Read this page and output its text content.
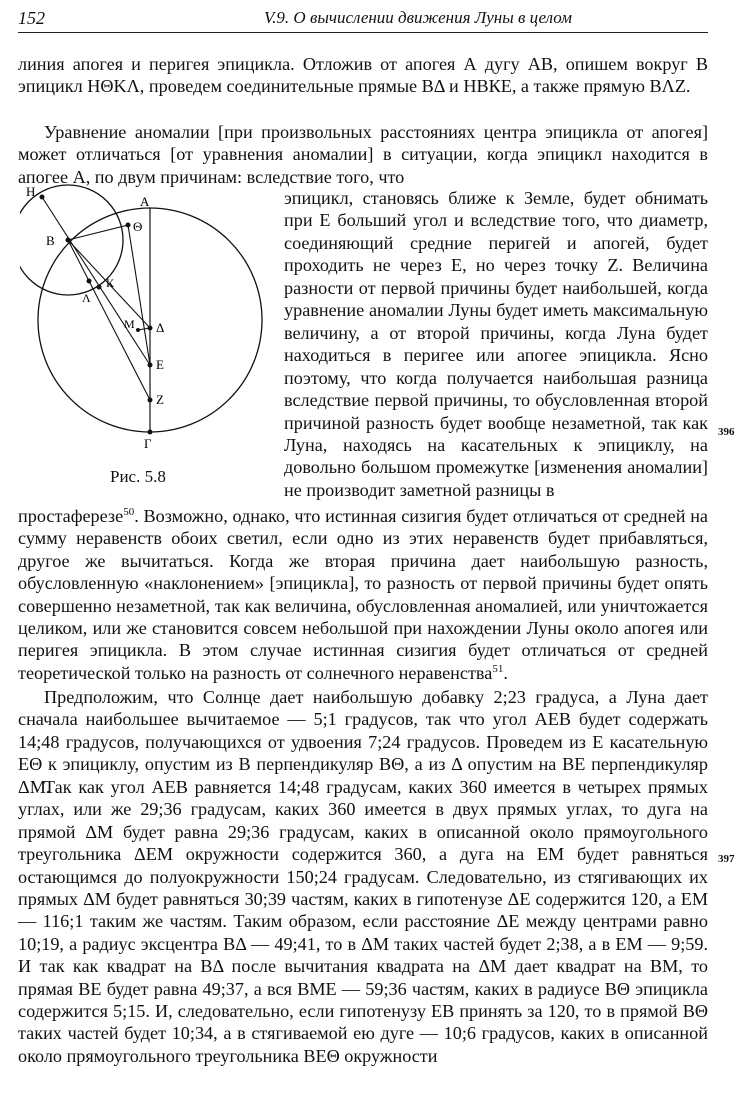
152	V.9. О вычислении движения Луны в целом

линия апогея и перигея эпицикла. Отложив от апогея А дугу АВ, опишем вокруг В эпицикл НΘΚΛ, проведем соединительные прямые ΒΔ и НВКЕ, а также прямую ΒΛΖ.

Уравнение аномалии [при произвольных расстояниях центра эпицикла от апогея] может отличаться [от уравнения аномалии] в ситуации, когда эпицикл находится в апогее А, по двум причинам: вследствие того, что

Н
А
Θ
В
К
Λ
М Δ
Е
Ζ
Γ
Рис. 5.8

эпицикл, становясь ближе к Земле, будет обнимать при Е больший угол и вследствие того, что диаметр, соединяющий средние перигей и апогей, будет проходить не через Е, но через точку Ζ. Величина разности от первой причины будет наибольшей, когда уравнение аномалии Луны будет иметь максимальную величину, а от второй причины, когда Луна будет находиться в перигее или апогее эпицикла. Ясно поэтому, что когда получается наибольшая разница вследствие первой причины, то обусловленная второй причиной разность будет вообще незаметной, так как Луна, находясь на касательных к эпициклу, на довольно большом промежутке [изменения аномалии] не производит заметной разницы в

простаферезе$^{50}$. Возможно, однако, что истинная сизигия будет отличаться от средней на сумму неравенств обоих светил, если одно из этих неравенств будет прибавляться, другое же вычитаться. Когда же вторая причина дает наибольшую разность, обусловленную «наклонением» [эпицикла], то разность от первой причины будет опять совершенно незаметной, так как величина, обусловленная аномалией, или уничтожается целиком, или же становится совсем небольшой при нахождении Луны около апогея или перигея эпицикла. В этом случае истинная сизигия будет отличаться от средней теоретической только на разность от солнечного неравенства$^{51}$.

Предположим, что Солнце дает наибольшую добавку 2;23 градуса, а Луна дает сначала наибольшее вычитаемое — 5;1 градусов, так что угол АЕВ будет содержать 14;48 градусов, получающихся от удвоения 7;24 градусов. Проведем из Е касательную ЕΘ к эпициклу, опустим из В перпендикуляр ΒΘ, а из Δ опустим на ВЕ перпендикуляр ΔΜ.

Так как угол АЕВ равняется 14;48 градусам, каких 360 имеется в четырех прямых углах, или же 29;36 градусам, каких 360 имеется в двух прямых углах, то дуга на прямой ΔΜ будет равна 29;36 градусам, каких в описанной около прямоугольного треугольника ΔΕΜ окружности содержится 360, а дуга на ΕΜ будет равняться остающимся до полуокружности 150;24 градусам. Следовательно, из стягивающих их прямых ΔΜ будет равняться 30;39 частям, каких в гипотенузе ΔΕ содержится 120, а ΕΜ — 116;1 таким же частям. Таким образом, если расстояние ΔΕ между центрами равно 10;19, а радиус эксцентра ΒΔ — 49;41, то в ΔΜ таких частей будет 2;38, а в ΕΜ — 9;59. И так как квадрат на ΒΔ после вычитания квадрата на ΔΜ дает квадрат на ΒΜ, то прямая ΒΕ будет равна 49;37, а вся ΒΜΕ — 59;36 частям, каких в радиусе ΒΘ эпицикла содержится 5;15. И, следовательно, если гипотенузу ΕΒ принять за 120, то в прямой ΒΘ таких частей будет 10;34, а в стягиваемой ею дуге — 10;6 градусов, каких в описанной около прямоугольного треугольника ΒΕΘ окружности

396
397
